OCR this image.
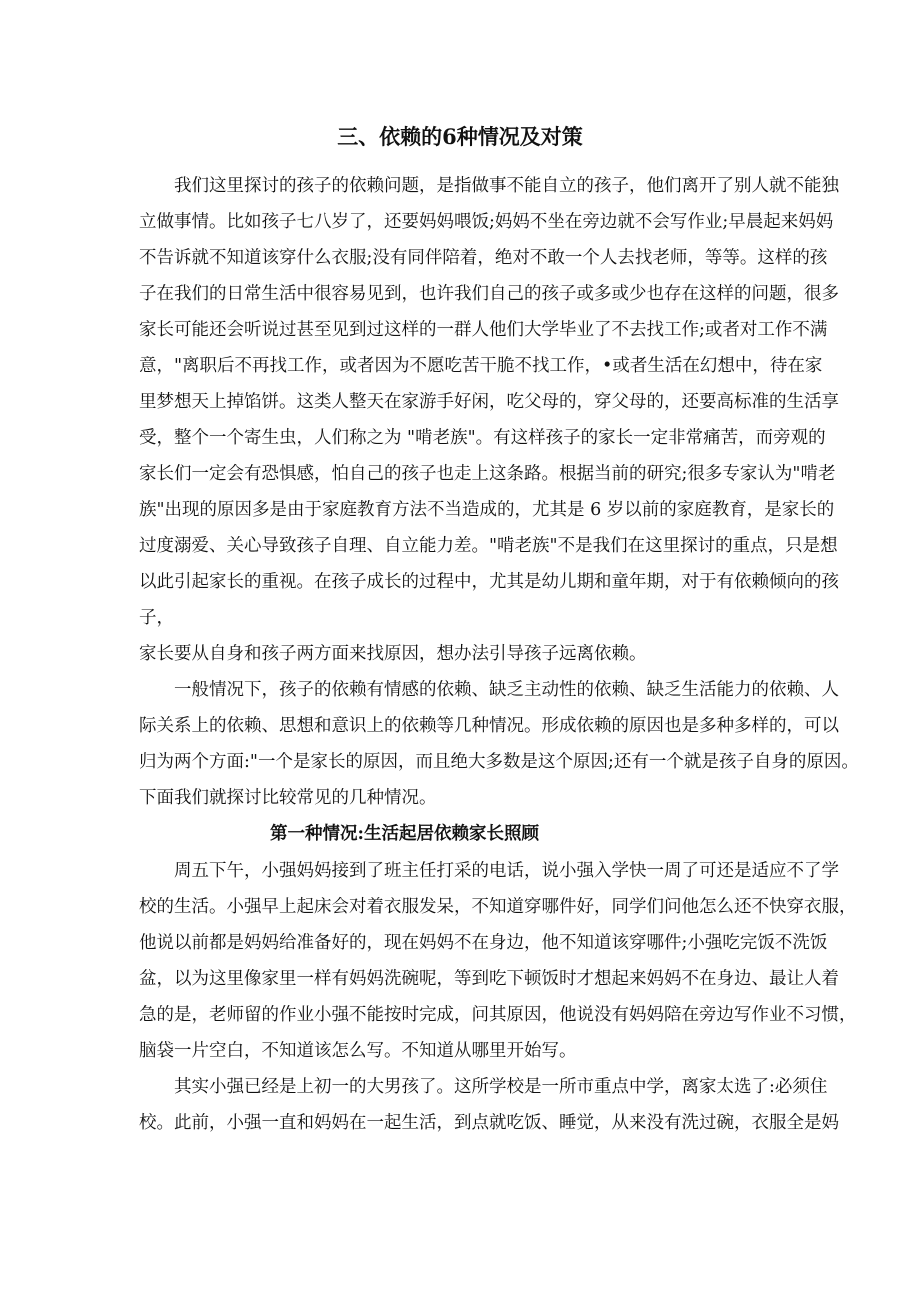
三、依赖的6种情况及对策
我们这里探讨的孩子的依赖问题，是指做事不能自立的孩子，他们离开了别人就不能独
立做事情。比如孩子七八岁了，还要妈妈喂饭;妈妈不坐在旁边就不会写作业;早晨起来妈妈
不告诉就不知道该穿什么衣服;没有同伴陪着，绝对不敢一个人去找老师，等等。这样的孩
子在我们的日常生活中很容易见到，也许我们自己的孩子或多或少也存在这样的问题，很多
家长可能还会听说过甚至见到过这样的一群人他们大学毕业了不去找工作;或者对工作不满
意，"离职后不再找工作，或者因为不愿吃苦干脆不找工作，•或者生活在幻想中，待在家
里梦想天上掉馅饼。这类人整天在家游手好闲，吃父母的，穿父母的，还要高标准的生活享
受，整个一个寄生虫，人们称之为 "啃老族"。有这样孩子的家长一定非常痛苦，而旁观的
家长们一定会有恐惧感，怕自己的孩子也走上这条路。根据当前的研究;很多专家认为"啃老
族"出现的原因多是由于家庭教育方法不当造成的，尤其是 6 岁以前的家庭教育，是家长的
过度溺爱、关心导致孩子自理、自立能力差。"啃老族"不是我们在这里探讨的重点，只是想
以此引起家长的重视。在孩子成长的过程中，尤其是幼儿期和童年期，对于有依赖倾向的孩
子，
家长要从自身和孩子两方面来找原因，想办法引导孩子远离依赖。
一般情况下，孩子的依赖有情感的依赖、缺乏主动性的依赖、缺乏生活能力的依赖、人
际关系上的依赖、思想和意识上的依赖等几种情况。形成依赖的原因也是多种多样的，可以
归为两个方面:"一个是家长的原因，而且绝大多数是这个原因;还有一个就是孩子自身的原因。
下面我们就探讨比较常见的几种情况。
第一种情况:生活起居依赖家长照顾
周五下午，小强妈妈接到了班主任打采的电话，说小强入学快一周了可还是适应不了学
校的生活。小强早上起床会对着衣服发呆，不知道穿哪件好，同学们问他怎么还不快穿衣服，
他说以前都是妈妈给准备好的，现在妈妈不在身边，他不知道该穿哪件;小强吃完饭不洗饭
盆，以为这里像家里一样有妈妈洗碗呢，等到吃下顿饭时才想起来妈妈不在身边、最让人着
急的是，老师留的作业小强不能按时完成，问其原因，他说没有妈妈陪在旁边写作业不习惯，
脑袋一片空白，不知道该怎么写。不知道从哪里开始写。
其实小强已经是上初一的大男孩了。这所学校是一所市重点中学，离家太选了:必须住
校。此前，小强一直和妈妈在一起生活，到点就吃饭、睡觉，从来没有洗过碗，衣服全是妈
